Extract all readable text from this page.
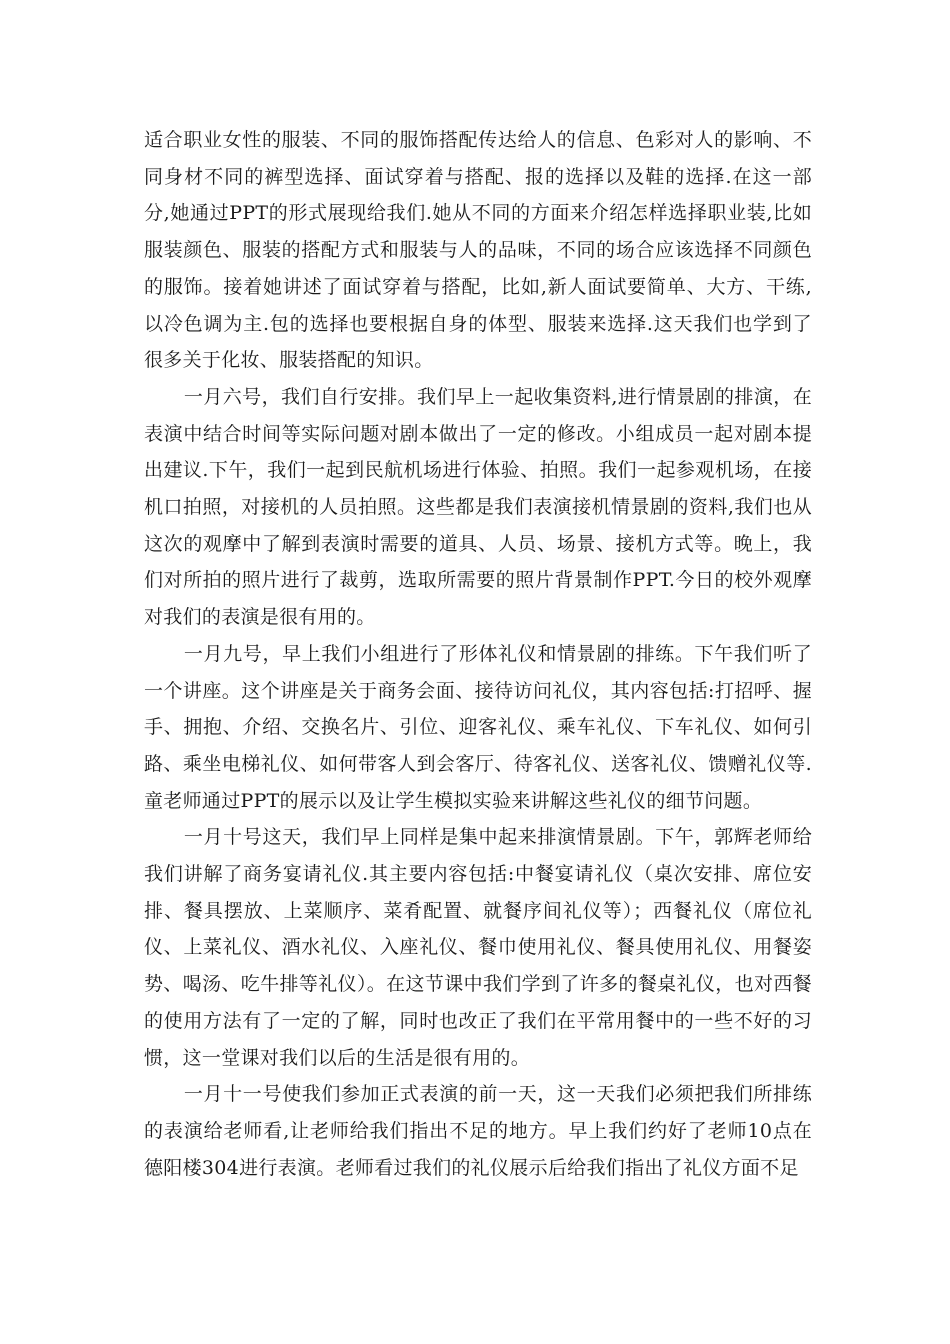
适合职业女性的服装、不同的服饰搭配传达给人的信息、色彩对人的影响、不同身材不同的裤型选择、面试穿着与搭配、报的选择以及鞋的选择.在这一部分,她通过PPT的形式展现给我们.她从不同的方面来介绍怎样选择职业装,比如服装颜色、服装的搭配方式和服装与人的品味，不同的场合应该选择不同颜色的服饰。接着她讲述了面试穿着与搭配，比如,新人面试要简单、大方、干练,以冷色调为主.包的选择也要根据自身的体型、服装来选择.这天我们也学到了很多关于化妆、服装搭配的知识。

一月六号，我们自行安排。我们早上一起收集资料,进行情景剧的排演，在表演中结合时间等实际问题对剧本做出了一定的修改。小组成员一起对剧本提出建议.下午，我们一起到民航机场进行体验、拍照。我们一起参观机场，在接机口拍照，对接机的人员拍照。这些都是我们表演接机情景剧的资料,我们也从这次的观摩中了解到表演时需要的道具、人员、场景、接机方式等。晚上，我们对所拍的照片进行了裁剪，选取所需要的照片背景制作PPT.今日的校外观摩对我们的表演是很有用的。

一月九号，早上我们小组进行了形体礼仪和情景剧的排练。下午我们听了一个讲座。这个讲座是关于商务会面、接待访问礼仪，其内容包括:打招呼、握手、拥抱、介绍、交换名片、引位、迎客礼仪、乘车礼仪、下车礼仪、如何引路、乘坐电梯礼仪、如何带客人到会客厅、待客礼仪、送客礼仪、馈赠礼仪等.童老师通过PPT的展示以及让学生模拟实验来讲解这些礼仪的细节问题。

一月十号这天，我们早上同样是集中起来排演情景剧。下午，郭辉老师给我们讲解了商务宴请礼仪.其主要内容包括:中餐宴请礼仪（桌次安排、席位安排、餐具摆放、上菜顺序、菜肴配置、就餐序间礼仪等）；西餐礼仪（席位礼仪、上菜礼仪、酒水礼仪、入座礼仪、餐巾使用礼仪、餐具使用礼仪、用餐姿势、喝汤、吃牛排等礼仪）。在这节课中我们学到了许多的餐桌礼仪，也对西餐的使用方法有了一定的了解，同时也改正了我们在平常用餐中的一些不好的习惯，这一堂课对我们以后的生活是很有用的。

一月十一号使我们参加正式表演的前一天，这一天我们必须把我们所排练的表演给老师看,让老师给我们指出不足的地方。早上我们约好了老师10点在德阳楼304进行表演。老师看过我们的礼仪展示后给我们指出了礼仪方面不足
